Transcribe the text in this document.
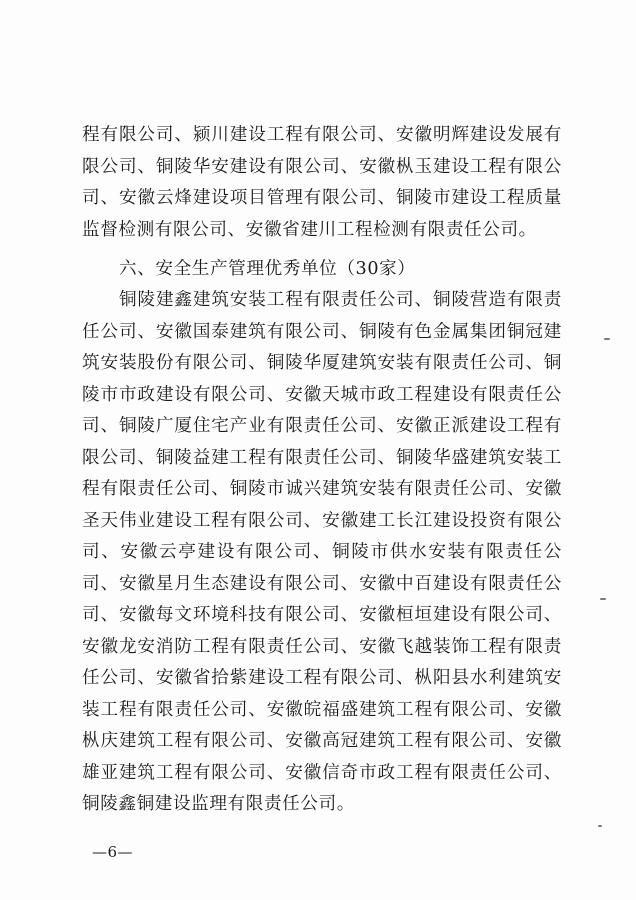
程有限公司、颍川建设工程有限公司、安徽明辉建设发展有限公司、铜陵华安建设有限公司、安徽枞玉建设工程有限公司、安徽云烽建设项目管理有限公司、铜陵市建设工程质量监督检测有限公司、安徽省建川工程检测有限责任公司。
六、安全生产管理优秀单位（30家）
铜陵建鑫建筑安装工程有限责任公司、铜陵营造有限责任公司、安徽国泰建筑有限公司、铜陵有色金属集团铜冠建筑安装股份有限公司、铜陵华厦建筑安装有限责任公司、铜陵市市政建设有限公司、安徽天城市政工程建设有限责任公司、铜陵广厦住宅产业有限责任公司、安徽正派建设工程有限公司、铜陵益建工程有限责任公司、铜陵华盛建筑安装工程有限责任公司、铜陵市诚兴建筑安装有限责任公司、安徽圣天伟业建设工程有限公司、安徽建工长江建设投资有限公司、安徽云亭建设有限公司、铜陵市供水安装有限责任公司、安徽星月生态建设有限公司、安徽中百建设有限责任公司、安徽每文环境科技有限公司、安徽桓垣建设有限公司、安徽龙安消防工程有限责任公司、安徽飞越装饰工程有限责任公司、安徽省拾紫建设工程有限公司、枞阳县水利建筑安装工程有限责任公司、安徽皖福盛建筑工程有限公司、安徽枞庆建筑工程有限公司、安徽高冠建筑工程有限公司、安徽雄亚建筑工程有限公司、安徽信奇市政工程有限责任公司、铜陵鑫铜建设监理有限责任公司。
—6—
